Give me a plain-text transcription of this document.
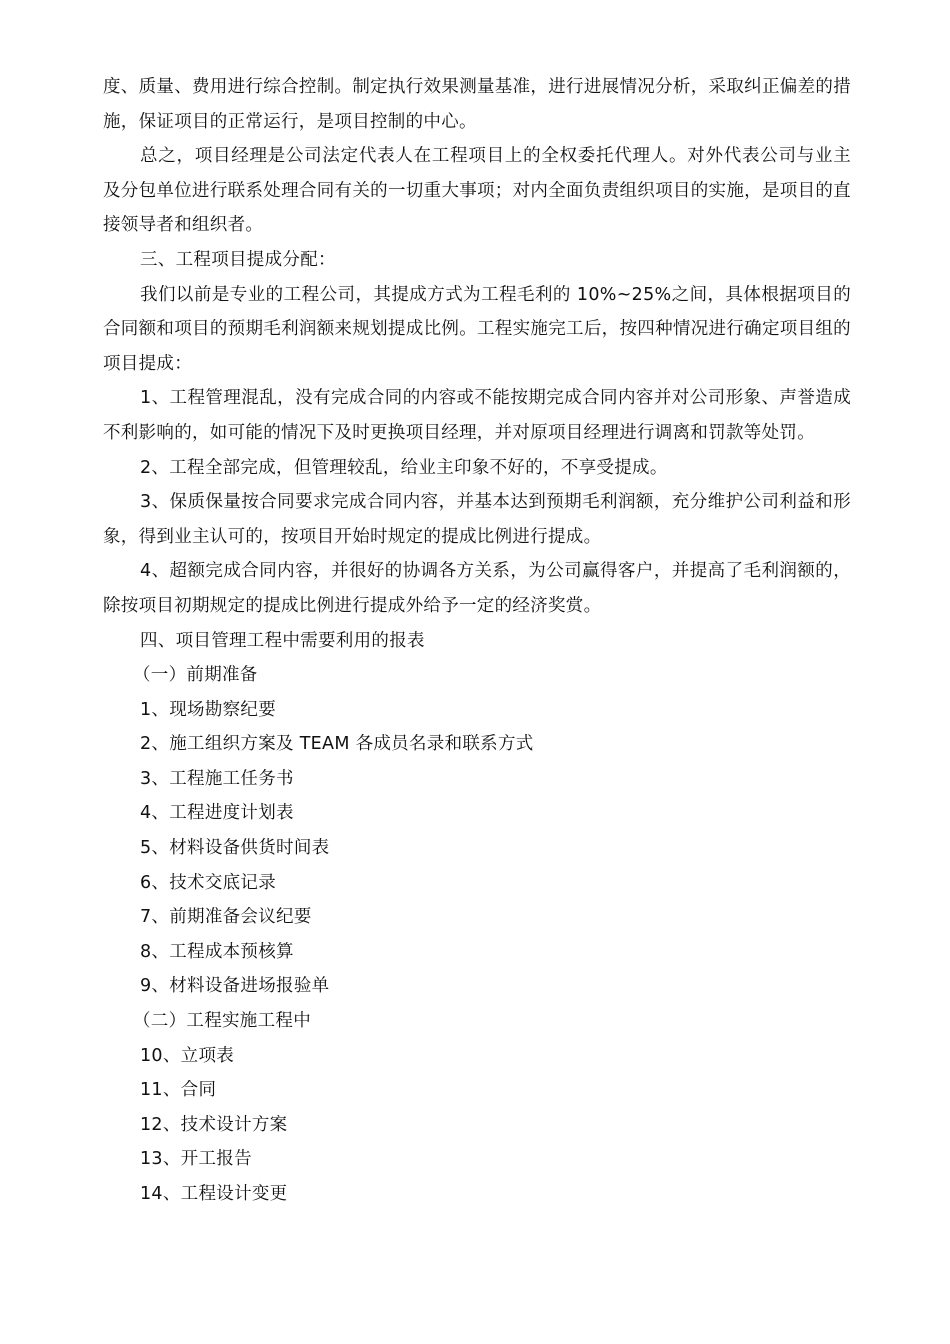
度、质量、费用进行综合控制。制定执行效果测量基准，进行进展情况分析，采取纠正偏差的措施，保证项目的正常运行，是项目控制的中心。

总之，项目经理是公司法定代表人在工程项目上的全权委托代理人。对外代表公司与业主及分包单位进行联系处理合同有关的一切重大事项；对内全面负责组织项目的实施，是项目的直接领导者和组织者。

三、工程项目提成分配：

我们以前是专业的工程公司，其提成方式为工程毛利的 10%~25%之间，具体根据项目的合同额和项目的预期毛利润额来规划提成比例。工程实施完工后，按四种情况进行确定项目组的项目提成：

1、工程管理混乱，没有完成合同的内容或不能按期完成合同内容并对公司形象、声誉造成不利影响的，如可能的情况下及时更换项目经理，并对原项目经理进行调离和罚款等处罚。

2、工程全部完成，但管理较乱，给业主印象不好的，不享受提成。

3、保质保量按合同要求完成合同内容，并基本达到预期毛利润额，充分维护公司利益和形象，得到业主认可的，按项目开始时规定的提成比例进行提成。

4、超额完成合同内容，并很好的协调各方关系，为公司赢得客户，并提高了毛利润额的，除按项目初期规定的提成比例进行提成外给予一定的经济奖赏。

四、项目管理工程中需要利用的报表

（一）前期准备

1、现场勘察纪要

2、施工组织方案及 TEAM 各成员名录和联系方式

3、工程施工任务书

4、工程进度计划表

5、材料设备供货时间表

6、技术交底记录

7、前期准备会议纪要

8、工程成本预核算

9、材料设备进场报验单

（二）工程实施工程中

10、立项表

11、合同

12、技术设计方案

13、开工报告

14、工程设计变更
